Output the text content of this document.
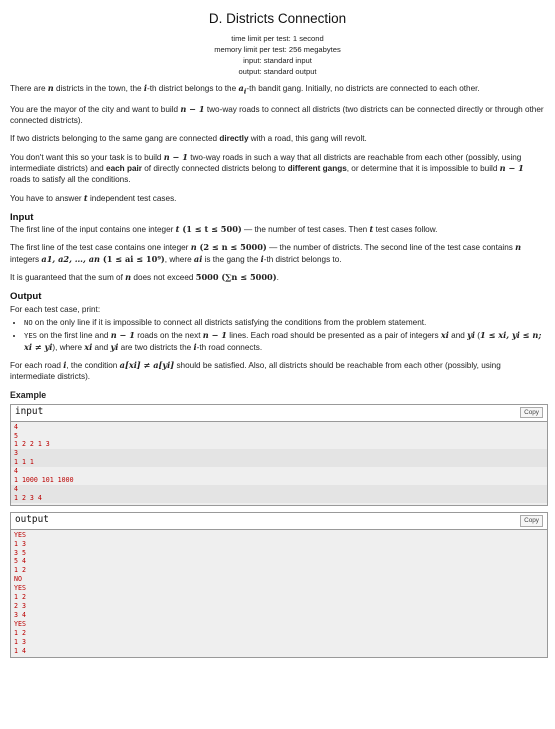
D. Districts Connection
time limit per test: 1 second
memory limit per test: 256 megabytes
input: standard input
output: standard output

There are n districts in the town, the i-th district belongs to the $a_i-th$ bandit gang. Initially, no districts are connected to each other.

You are the mayor of the city and want to build n − 1 two-way roads to connect all districts (two districts can be connected directly or through other connected districts).

If two districts belonging to the same gang are connected directly with a road, this gang will revolt.

You don't want this so your task is to build n − 1 two-way roads in such a way that all districts are reachable from each other (possibly, using intermediate districts) and each pair of directly connected districts belong to different gangs, or determine that it is impossible to build n − 1 roads to satisfy all the conditions.

You have to answer t independent test cases.

Input

The first line of the input contains one integer t (1 ≤ t ≤ 500) — the number of test cases. Then t test cases follow.

The first line of the test case contains one integer n (2 ≤ n ≤ 5000) — the number of districts. The second line of the test case contains n integers a1, a2, …, an (1 ≤ ai ≤ 10⁹), where ai is the gang the i-th district belongs to.

It is guaranteed that the sum of n does not exceed 5000 (∑n ≤ 5000).

Output

For each test case, print:

• NO on the only line if it is impossible to connect all districts satisfying the conditions from the problem statement.
• YES on the first line and n − 1 roads on the next n − 1 lines. Each road should be presented as a pair of integers xi and yi (1 ≤ xi, yi ≤ n; xi ≠ yi), where xi and yi are two districts the i-th road connects.

For each road i, the condition a[xi] ≠ a[yi] should be satisfied. Also, all districts should be reachable from each other (possibly, using intermediate districts).

Example
input	Copy
4
5
1 2 2 1 3
3
1 1 1
4
1 1000 101 1000
4
1 2 3 4
output	Copy
YES
1 3
3 5
5 4
1 2
NO
YES
1 2
2 3
3 4
YES
1 2
1 3
1 4
